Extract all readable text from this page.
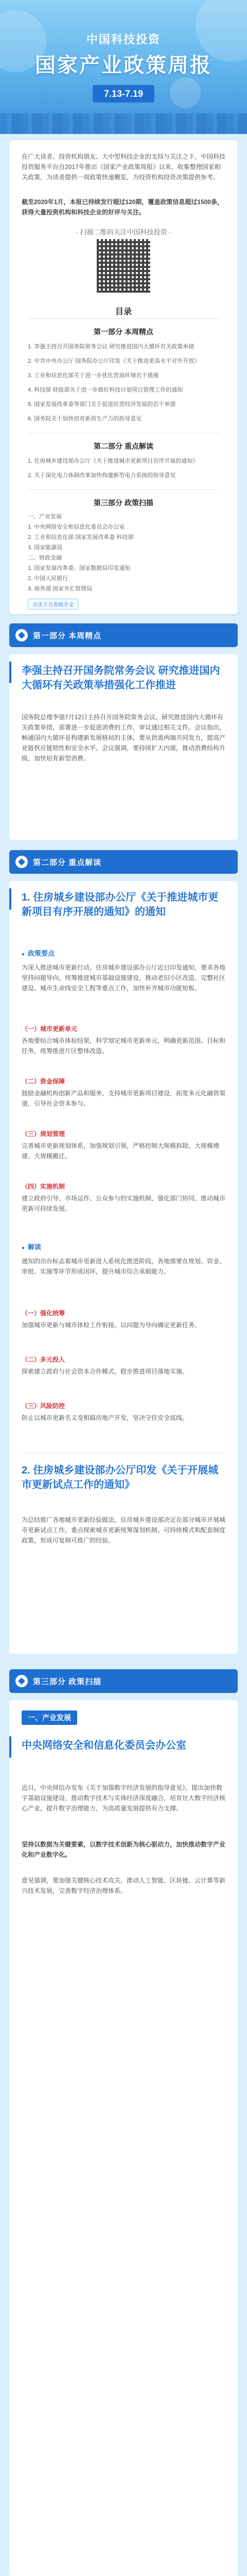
中国科技投资
国家产业政策周报
7.13-7.19

在广大读者、投资机构朋友、大中型科技企业的支持与关注之下，中国科技投资服务平台自2017年推出《国家产业政策周报》以来，收集整理国家相关政策，为读者提供一周政策快速概览，为投资机构投资决策提供参考。

截至2020年1月，本报已持续发行超过120期，覆盖政策信息超过1500条，获得大量投资机构和科技企业的好评与关注。

· 扫描二维码关注中国科技投资 ·
目录
第一部分 本周精点
1. 李强主持召开国务院常务会议 研究推进国内大循环有关政策举措
2. 中共中央办公厅 国务院办公厅印发《关于推进更高水平对外开放》
3. 工业和信息化部关于进一步优化营商环境若干措施
4. 科技部 财政部关于进一步做好科技计划项目管理工作的通知
5. 国家发展改革委等部门关于促进民营经济发展的若干举措
6. 国务院关于加快培育新质生产力的指导意见
第二部分 重点解读
1. 住房城乡建设部办公厅《关于推进城市更新项目有序开展的通知》
2. 关于深化电力体制改革加快构建新型电力系统的指导意见
第三部分 政策扫描
一、产业发展
1. 中央网络安全和信息化委员会办公室
2. 工业和信息化部 国家发展改革委 科技部
3. 国家能源局
二、财政金融
1. 国家发展改革委、国家数据局印发通知
2. 中国人民银行
3. 商务部 国家外汇管理局
点击下方查阅全文
第一部分 本周精点
李强主持召开国务院常务会议 研究推进国内大循环有关政策举措强化工作推进
国务院总理李强7月12日主持召开国务院常务会议，研究推进国内大循环有关政策举措，部署进一步促进消费的工作，审议通过相关文件。会议指出，畅通国内大循环是构建新发展格局的主体，要从供需两端共同发力，提高产业链供应链韧性和安全水平。会议强调，要持续扩大内需，推动消费结构升级，加快培育新型消费。
第二部分 重点解读
1. 住房城乡建设部办公厅《关于推进城市更新项目有序开展的通知》的通知
● 政策要点
为深入推进城市更新行动，住房城乡建设部办公厅近日印发通知，要求各地坚持问题导向，统筹推进城市基础设施建设，推动老旧小区改造、完整社区建设、城市生命线安全工程等重点工作，加快补齐城市功能短板。
（一）城市更新单元
各地要结合城市体检结果，科学划定城市更新单元，明确更新范围、目标和任务，统筹推进片区整体改造。
（二）资金保障
鼓励金融机构创新产品和服务，支持城市更新项目建设，拓宽多元化融资渠道，引导社会资本参与。
（三）规划管理
完善城市更新规划体系，加强规划引领，严格控制大规模拆除、大规模增建、大规模搬迁。
（四）实施机制
建立政府引导、市场运作、公众参与的实施机制，强化部门协同，推动城市更新可持续发展。
● 解读
通知的出台标志着城市更新进入系统化推进阶段，各地需要在规划、资金、审批、实施等环节形成闭环，提升城市综合承载能力。
（一）强化统筹
加强城市更新与城市体检工作衔接，以问题为导向确定更新任务。
（二）多元投入
探索建立政府与社会资本合作模式，稳步推进项目落地实施。
（三）风险防控
防止以城市更新名义变相搞房地产开发，坚决守住安全底线。
2. 住房城乡建设部办公厅印发《关于开展城市更新试点工作的通知》
为总结推广各地城市更新经验做法，住房城乡建设部决定在部分城市开展城市更新试点工作，重点探索城市更新统筹谋划机制、可持续模式和配套制度政策，形成可复制可推广的经验。
第三部分 政策扫描
一、产业发展
中央网络安全和信息化委员会办公室
近日，中央网信办发布《关于加强数字经济发展的指导意见》，提出加快数字基础设施建设，推动数字技术与实体经济深度融合，培育壮大数字经济核心产业，提升数字治理能力，为高质量发展提供有力支撑。
坚持以数据为关键要素，以数字技术创新为核心驱动力，加快推动数字产业化和产业数字化。
意见强调，要加强关键核心技术攻关，推动人工智能、区块链、云计算等新兴技术发展，完善数字经济治理体系。
